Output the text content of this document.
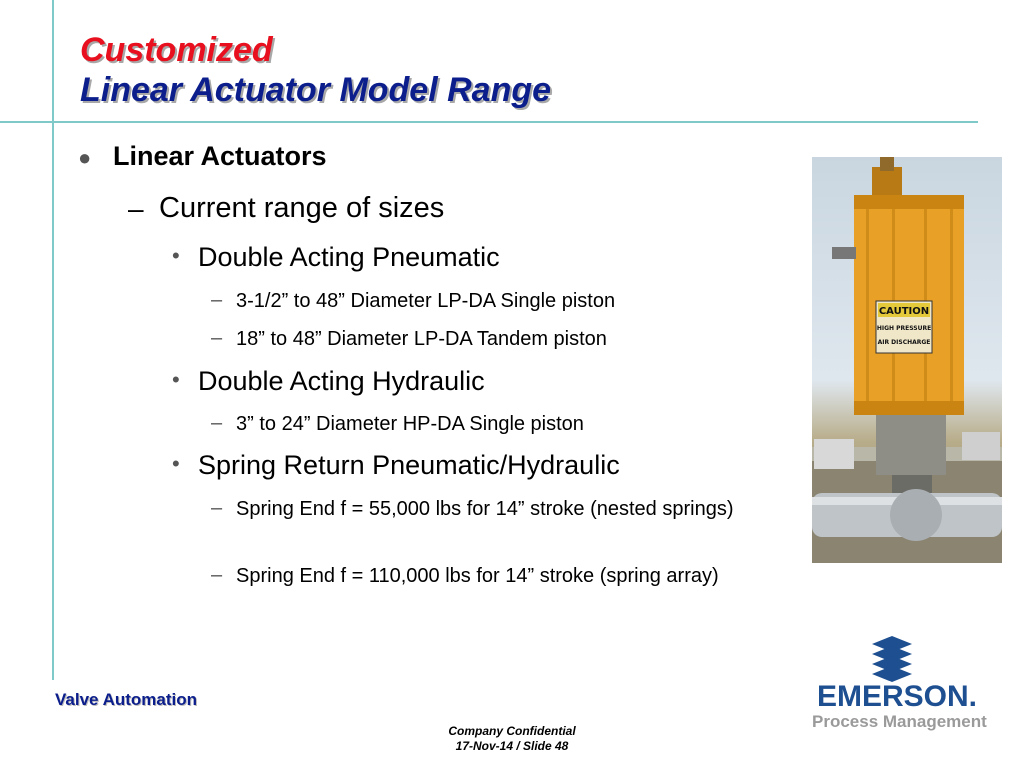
Customized
Linear Actuator Model Range
● Linear Actuators
– Current range of sizes
• Double Acting Pneumatic
– 3-1/2” to 48” Diameter LP-DA Single piston
– 18” to 48” Diameter LP-DA Tandem piston
• Double Acting Hydraulic
– 3” to 24” Diameter HP-DA Single piston
• Spring Return Pneumatic/Hydraulic
– Spring End f = 55,000 lbs for 14” stroke (nested springs)
– Spring End f = 110,000 lbs for 14” stroke (spring array)
CAUTION
HIGH PRESSURE
AIR DISCHARGE
Valve Automation
Company Confidential
17-Nov-14 / Slide 48
EMERSON.
Process Management
